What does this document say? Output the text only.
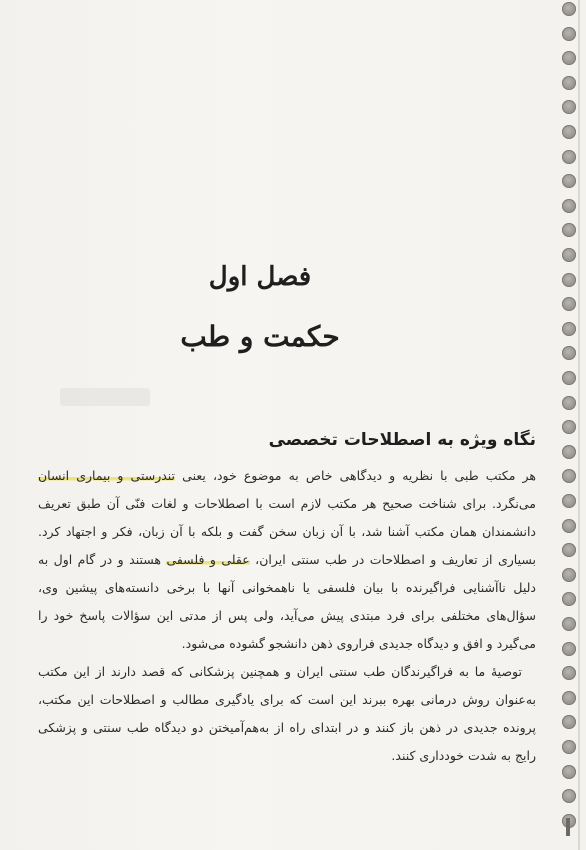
فصل اول
حکمت و طب
نگاه ویژه به اصطلاحات تخصصی

هر مکتب طبی با نظریه و دیدگاهی خاص به موضوع خود، یعنی تندرستی و بیماری انسان می‌نگرد. برای شناخت صحیح هر مکتب لازم است با اصطلاحات و لغات فنّی آن طبق تعریف دانشمندان همان مکتب آشنا شد، با آن زبان سخن گفت و بلکه با آن زبان، فکر و اجتهاد کرد. بسیاری از تعاریف و اصطلاحات در طب سنتی ایران، عقلی و فلسفی هستند و در گام اول به دلیل ناآشنایی فراگیرنده با بیان فلسفی یا ناهمخوانی آنها با برخی دانسته‌های پیشین وی، سؤال‌های مختلفی برای فرد مبتدی پیش می‌آید، ولی پس از مدتی این سؤالات پاسخ خود را می‌گیرد و افق و دیدگاه جدیدی فراروی ذهن دانشجو گشوده می‌شود.

توصیهٔ ما به فراگیرندگان طب سنتی ایران و همچنین پزشکانی که قصد دارند از این مکتب به‌عنوان روش درمانی بهره ببرند این است که برای یادگیری مطالب و اصطلاحات این مکتب، پرونده جدیدی در ذهن باز کنند و در ابتدای راه از به‌هم‌آمیختن دو دیدگاه طب سنتی و پزشکی رایج به شدت خودداری کنند.
